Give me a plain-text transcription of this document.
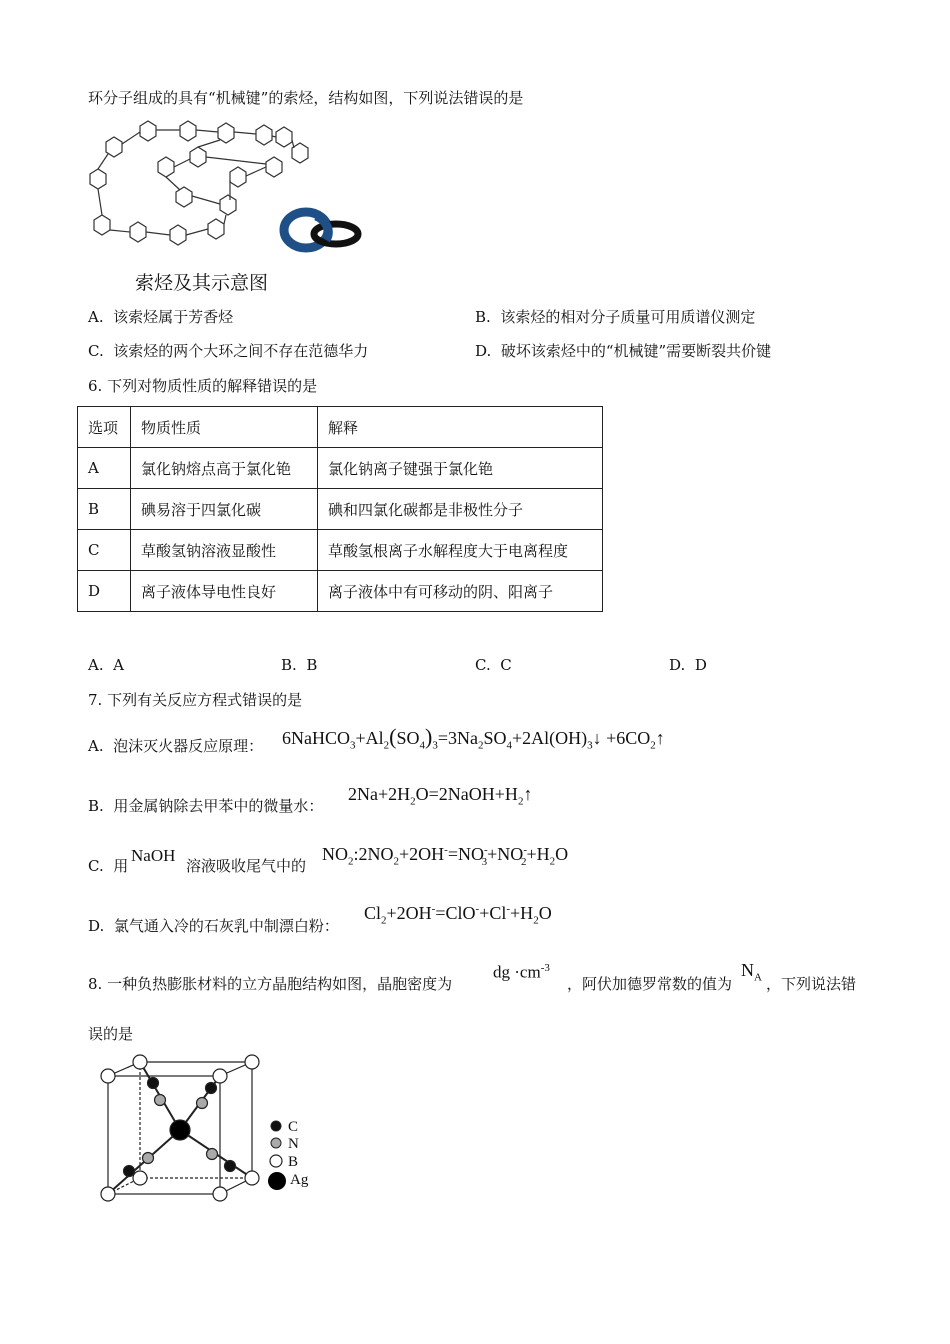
环分子组成的具有“机械键”的索烃，结构如图，下列说法错误的是
索烃及其示意图
A. 该索烃属于芳香烃	B. 该索烃的相对分子质量可用质谱仪测定
C. 该索烃的两个大环之间不存在范德华力	D. 破坏该索烃中的“机械键”需要断裂共价键
6. 下列对物质性质的解释错误的是
选项	物质性质	解释
A	氯化钠熔点高于氯化铯	氯化钠离子键强于氯化铯
B	碘易溶于四氯化碳	碘和四氯化碳都是非极性分子
C	草酸氢钠溶液显酸性	草酸氢根离子水解程度大于电离程度
D	离子液体导电性良好	离子液体中有可移动的阴、阳离子
A. A	B. B	C. C	D. D
7. 下列有关反应方程式错误的是
A. 泡沫灭火器反应原理： $6NaHCO_3+Al_2(SO_4)_3=3Na_2SO_4+2Al(OH)_3↓$ $+6CO_2↑$
B. 用金属钠除去甲苯中的微量水：
$2Na+2H_2O=2NaOH+H_2↑$
C. 用
NaOH
溶液吸收尾气中的
$NO_2:2NO_2+2OH^-=NO^-_3+NO^-_2+H_2O$
D. 氯气通入冷的石灰乳中制漂白粉：
$Cl_2+2OH^-=ClO^-+Cl^-+H_2O$
8. 一种负热膨胀材料的立方晶胞结构如图，晶胞密度为
dg $\cdot cm^{-3}$
，阿伏加德罗常数的值为
$N_A$ ，下列说法错
误的是
C
N
B
Ag
